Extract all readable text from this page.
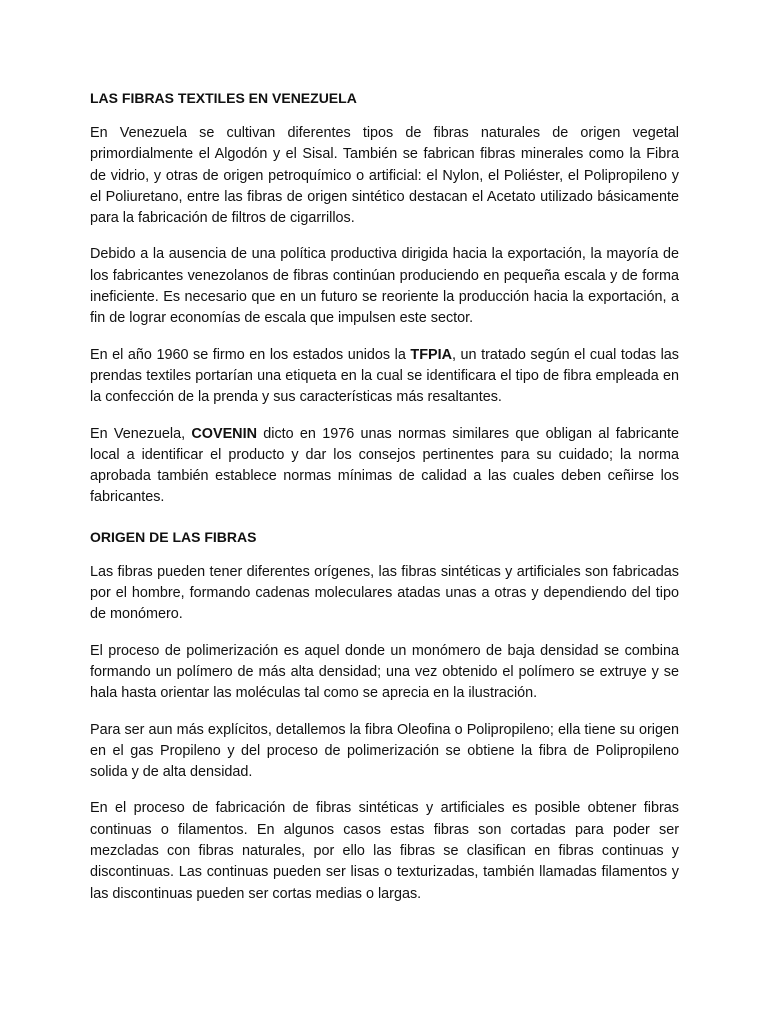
LAS FIBRAS TEXTILES EN VENEZUELA

En Venezuela se cultivan diferentes tipos de fibras naturales de origen vegetal primordialmente el Algodón y el Sisal. También se fabrican fibras minerales como la Fibra de vidrio, y otras de origen petroquímico o artificial: el Nylon, el Poliéster, el Polipropileno y el Poliuretano, entre las fibras de origen sintético destacan el Acetato utilizado básicamente para la fabricación de filtros de cigarrillos.

Debido a la ausencia de una política productiva dirigida hacia la exportación, la mayoría de los fabricantes venezolanos de fibras continúan produciendo en pequeña escala y de forma ineficiente. Es necesario que en un futuro se reoriente la producción hacia la exportación, a fin de lograr economías de escala que impulsen este sector.

En el año 1960 se firmo en los estados unidos la TFPIA, un tratado según el cual todas las prendas textiles portarían una etiqueta en la cual se identificara el tipo de fibra empleada en la confección de la prenda y sus características más resaltantes.

En Venezuela, COVENIN dicto en 1976 unas normas similares que obligan al fabricante local a identificar el producto y dar los consejos pertinentes para su cuidado; la norma aprobada también establece normas mínimas de calidad a las cuales deben ceñirse los fabricantes.

ORIGEN DE LAS FIBRAS

Las fibras pueden tener diferentes orígenes, las fibras sintéticas y artificiales son fabricadas por el hombre, formando cadenas moleculares atadas unas a otras y dependiendo del tipo de monómero.

El proceso de polimerización es aquel donde un monómero de baja densidad se combina formando un polímero de más alta densidad; una vez obtenido el polímero se extruye y se hala hasta orientar las moléculas tal como se aprecia en la ilustración.

Para ser aun más explícitos, detallemos la fibra Oleofina o Polipropileno; ella tiene su origen en el gas Propileno y del proceso de polimerización se obtiene la fibra de Polipropileno solida y de alta densidad.

En el proceso de fabricación de fibras sintéticas y artificiales es posible obtener fibras continuas o filamentos. En algunos casos estas fibras son cortadas para poder ser mezcladas con fibras naturales, por ello las fibras se clasifican en fibras continuas y discontinuas. Las continuas pueden ser lisas o texturizadas, también llamadas filamentos y las discontinuas pueden ser cortas medias o largas.
